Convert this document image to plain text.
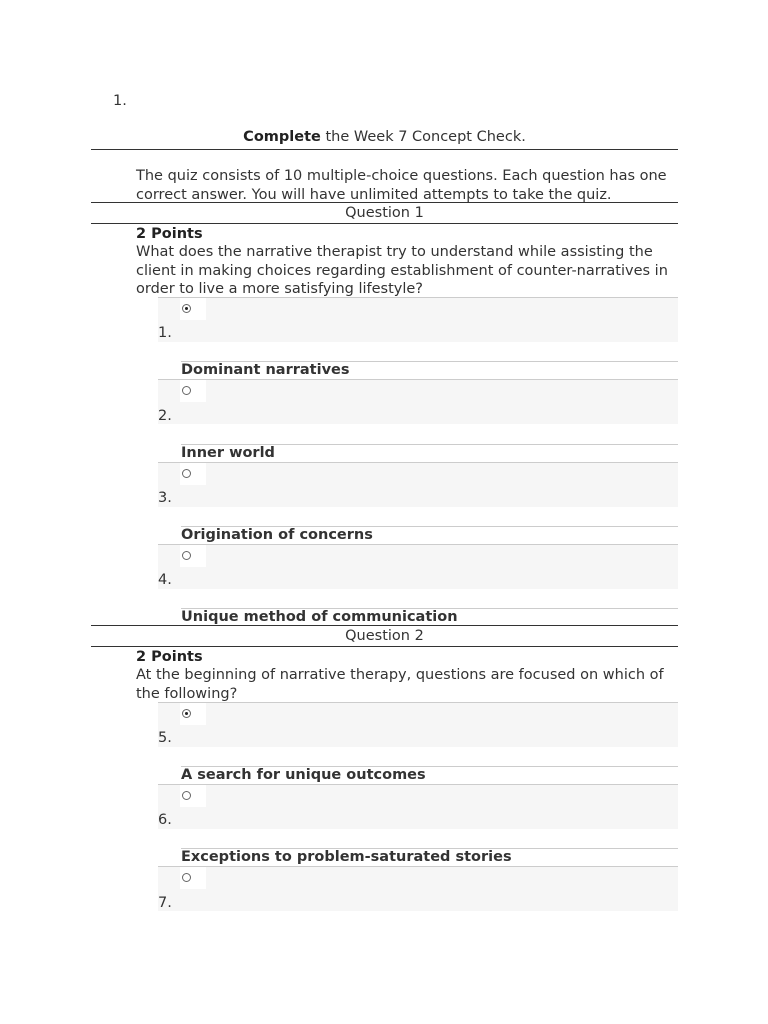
1.
Complete the Week 7 Concept Check.
The quiz consists of 10 multiple-choice questions. Each question has one correct answer. You will have unlimited attempts to take the quiz.
Question 1
2 Points
What does the narrative therapist try to understand while assisting the client in making choices regarding establishment of counter-narratives in order to live a more satisfying lifestyle?
1.
Dominant narratives
2.
Inner world
3.
Origination of concerns
4.
Unique method of communication
Question 2
2 Points
At the beginning of narrative therapy, questions are focused on which of the following?
5.
A search for unique outcomes
6.
Exceptions to problem-saturated stories
7.
